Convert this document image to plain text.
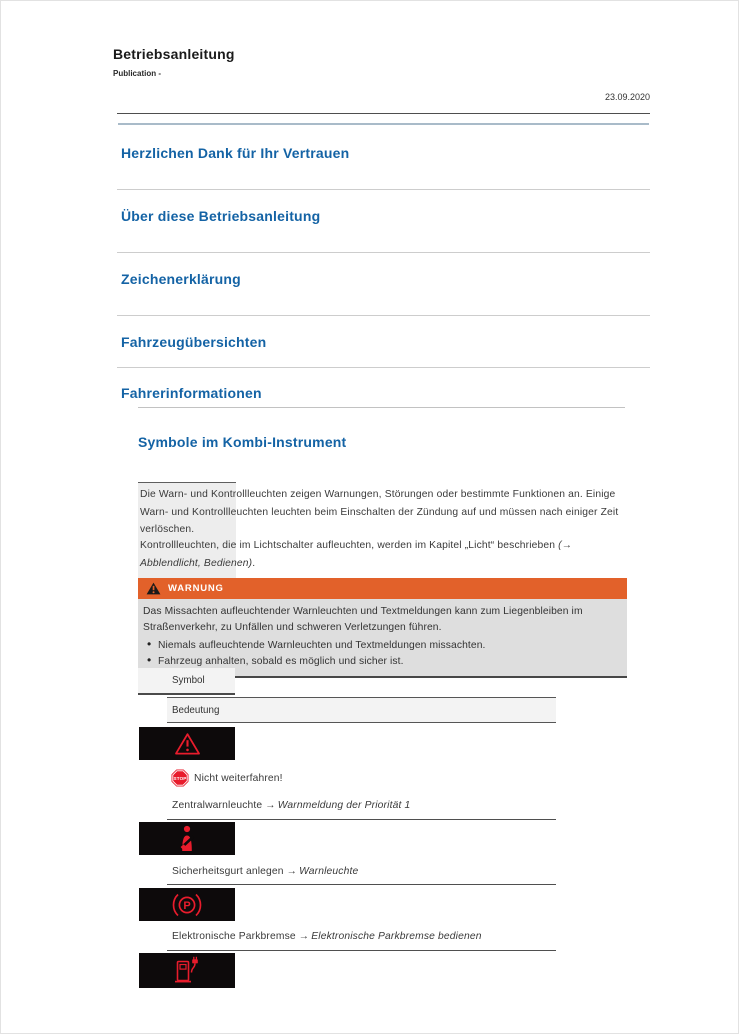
Betriebsanleitung
Publication -
23.09.2020
Herzlichen Dank für Ihr Vertrauen
Über diese Betriebsanleitung
Zeichenerklärung
Fahrzeugübersichten
Fahrerinformationen
Symbole im Kombi-Instrument

Die Warn- und Kontrollleuchten zeigen Warnungen, Störungen oder bestimmte Funktionen an. Einige Warn- und Kontrollleuchten leuchten beim Einschalten der Zündung auf und müssen nach einiger Zeit verlöschen.

Kontrollleuchten, die im Lichtschalter aufleuchten, werden im Kapitel „Licht“ beschrieben (→ Abblendlicht, Bedienen).

WARNUNG
Das Missachten aufleuchtender Warnleuchten und Textmeldungen kann zum Liegenbleiben im Straßenverkehr, zu Unfällen und schweren Verletzungen führen.
• Niemals aufleuchtende Warnleuchten und Textmeldungen missachten.
• Fahrzeug anhalten, sobald es möglich und sicher ist.
Symbol
Bedeutung
STOP Nicht weiterfahren!
Zentralwarnleuchte → Warnmeldung der Priorität 1
Sicherheitsgurt anlegen → Warnleuchte
P
Elektronische Parkbremse → Elektronische Parkbremse bedienen
